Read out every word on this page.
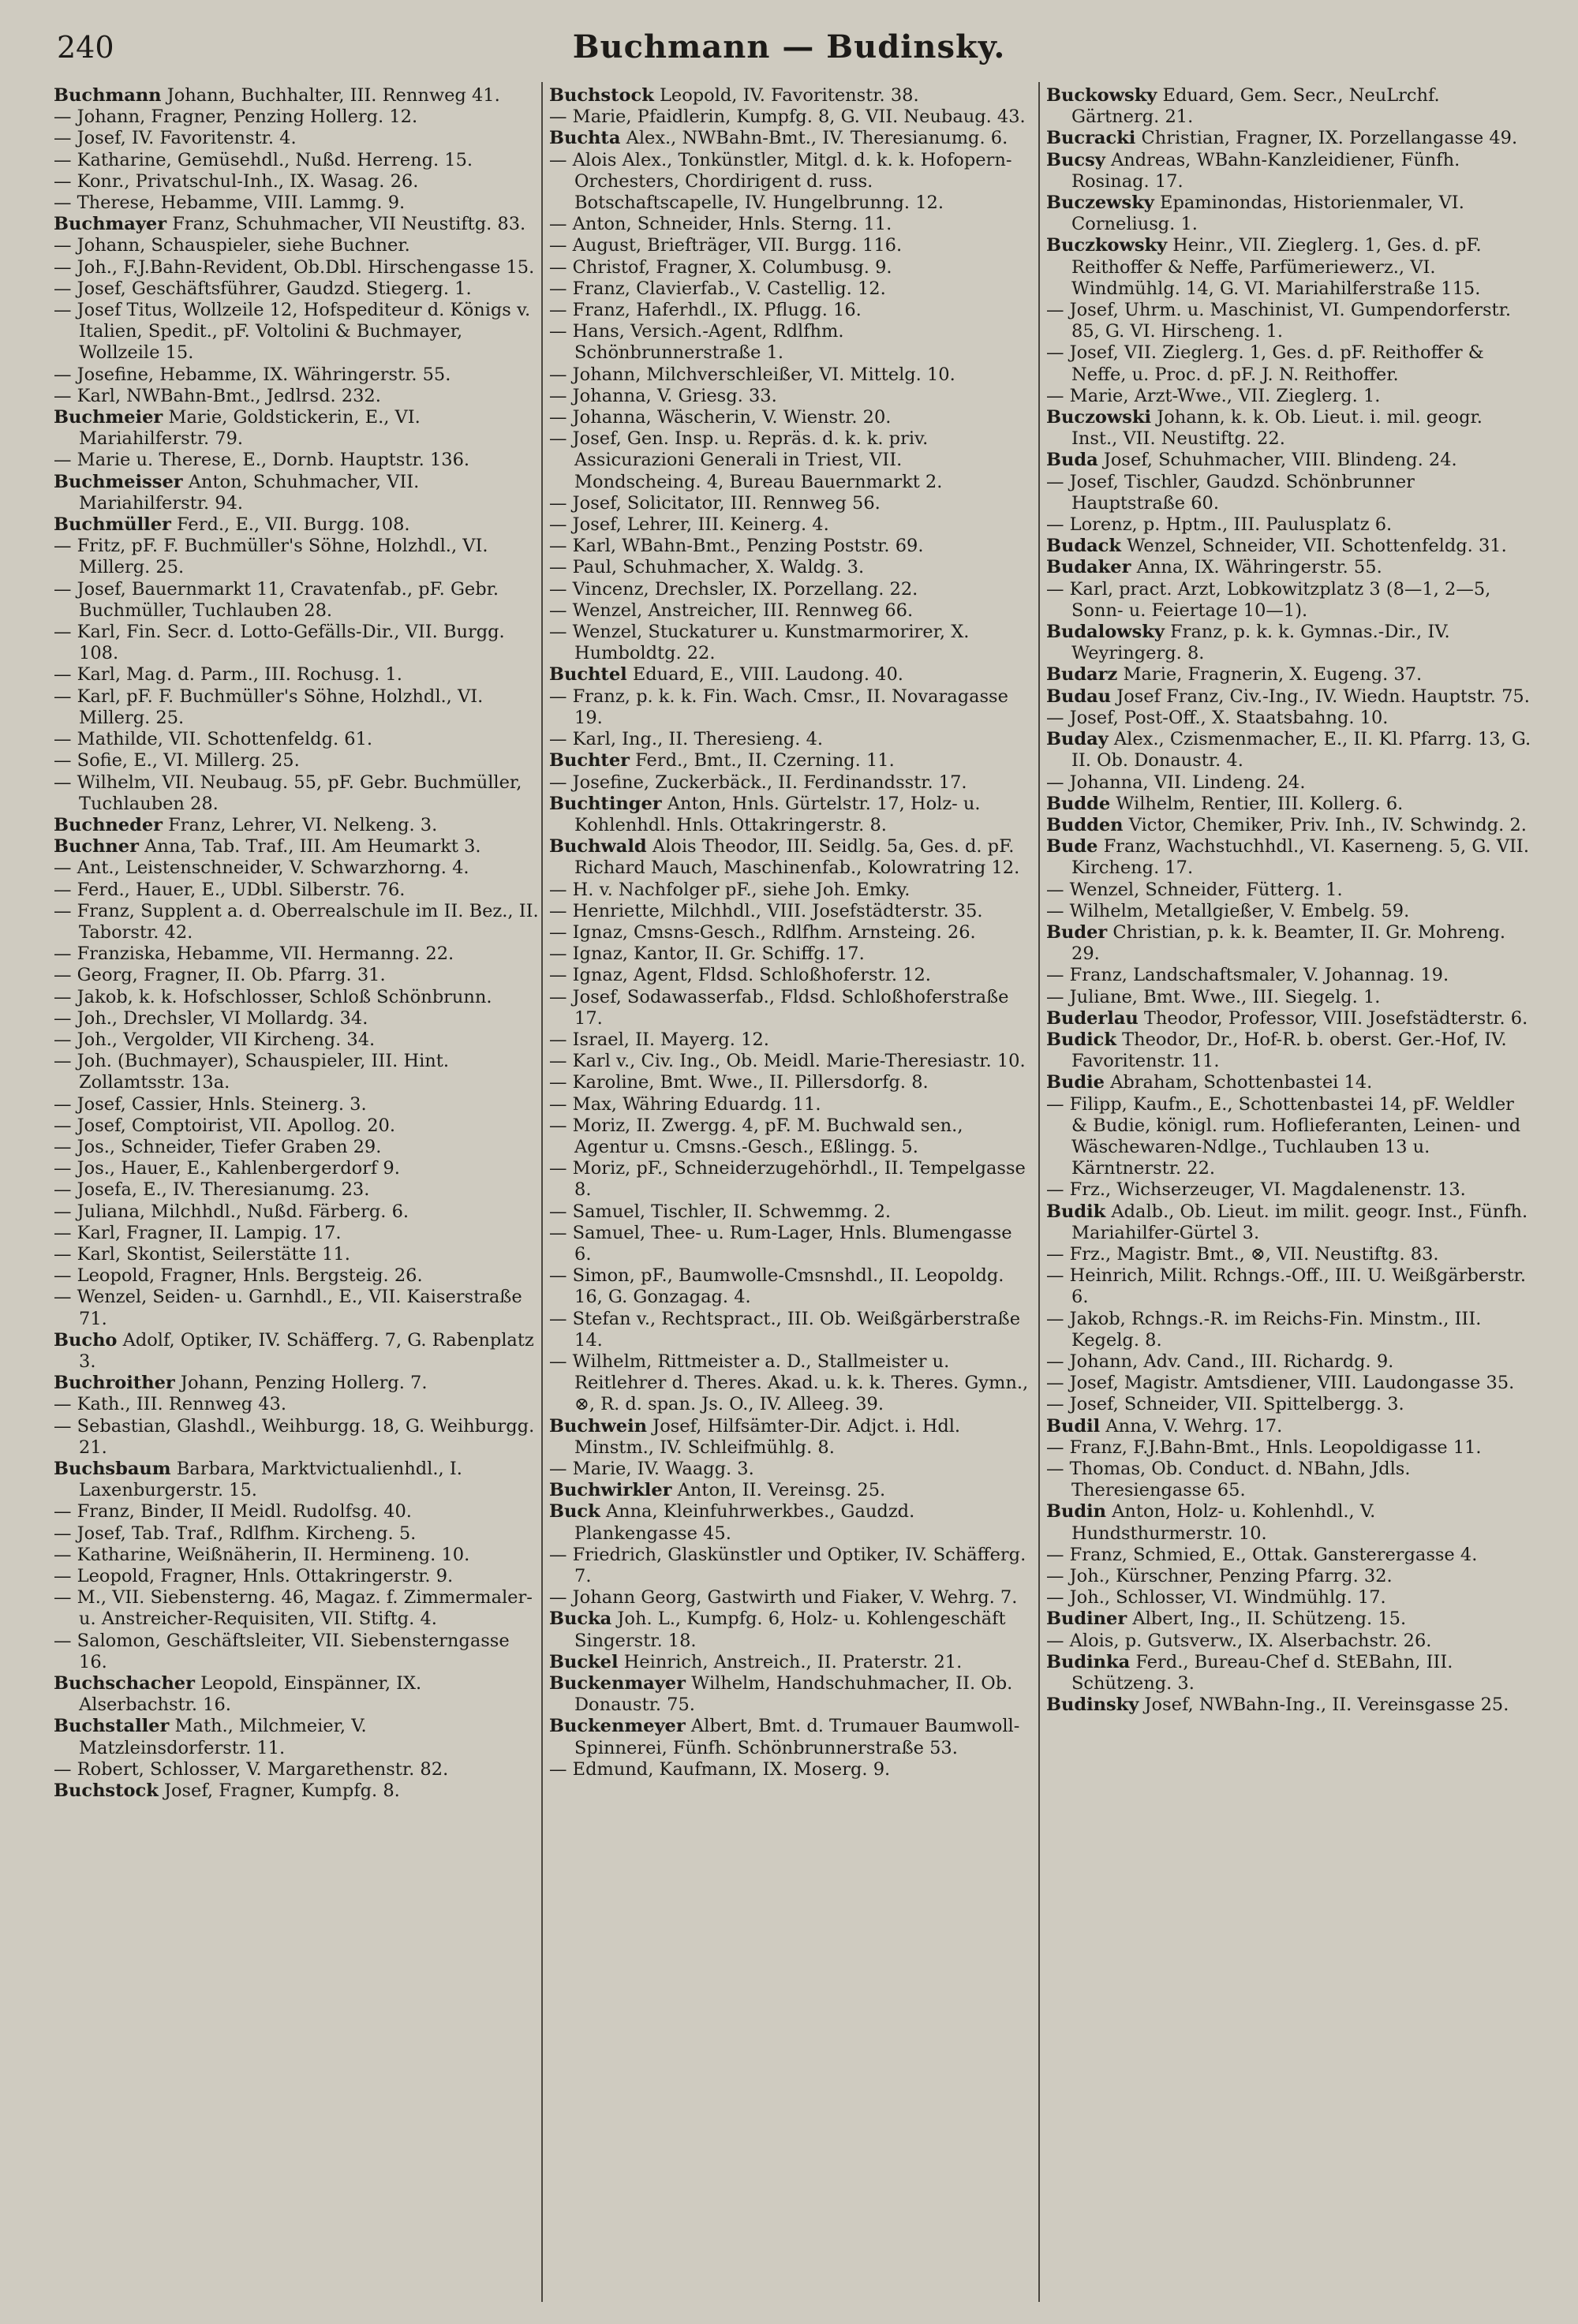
240	Buchmann — Budinsky.
Buchmann Johann, Buchhalter, III. Rennweg 41.
— Johann, Fragner, Penzing Hollerg. 12.
— Josef, IV. Favoritenstr. 4.
— Katharine, Gemüsehdl., Nußd. Herreng. 15.
— Konr., Privatschul-Inh., IX. Wasag. 26.
— Therese, Hebamme, VIII. Lammg. 9.
Buchmayer Franz, Schuhmacher, VII Neustiftg. 83.
— Johann, Schauspieler, siehe Buchner.
— Joh., F.J.Bahn-Revident, Ob.Dbl. Hirschengasse 15.
— Josef, Geschäftsführer, Gaudzd. Stiegerg. 1.
— Josef Titus, Wollzeile 12, Hofspediteur d. Königs v. Italien, Spedit., pF. Voltolini & Buchmayer, Wollzeile 15.
— Josefine, Hebamme, IX. Währingerstr. 55.
— Karl, NWBahn-Bmt., Jedlrsd. 232.
Buchmeier Marie, Goldstickerin, E., VI. Mariahilferstr. 79.
— Marie u. Therese, E., Dornb. Hauptstr. 136.
Buchmeisser Anton, Schuhmacher, VII. Mariahilferstr. 94.
Buchmüller Ferd., E., VII. Burgg. 108.
— Fritz, pF. F. Buchmüller's Söhne, Holzhdl., VI. Millerg. 25.
— Josef, Bauernmarkt 11, Cravatenfab., pF. Gebr. Buchmüller, Tuchlauben 28.
— Karl, Fin. Secr. d. Lotto-Gefälls-Dir., VII. Burgg. 108.
— Karl, Mag. d. Parm., III. Rochusg. 1.
— Karl, pF. F. Buchmüller's Söhne, Holzhdl., VI. Millerg. 25.
— Mathilde, VII. Schottenfeldg. 61.
— Sofie, E., VI. Millerg. 25.
— Wilhelm, VII. Neubaug. 55, pF. Gebr. Buchmüller, Tuchlauben 28.
Buchneder Franz, Lehrer, VI. Nelkeng. 3.
Buchner Anna, Tab. Traf., III. Am Heumarkt 3.
— Ant., Leistenschneider, V. Schwarzhorng. 4.
— Ferd., Hauer, E., UDbl. Silberstr. 76.
— Franz, Supplent a. d. Oberrealschule im II. Bez., II. Taborstr. 42.
— Franziska, Hebamme, VII. Hermanng. 22.
— Georg, Fragner, II. Ob. Pfarrg. 31.
— Jakob, k. k. Hofschlosser, Schloß Schönbrunn.
— Joh., Drechsler, VI Mollardg. 34.
— Joh., Vergolder, VII Kircheng. 34.
— Joh. (Buchmayer), Schauspieler, III. Hint. Zollamtsstr. 13a.
— Josef, Cassier, Hnls. Steinerg. 3.
— Josef, Comptoirist, VII. Apollog. 20.
— Jos., Schneider, Tiefer Graben 29.
— Jos., Hauer, E., Kahlenbergerdorf 9.
— Josefa, E., IV. Theresianumg. 23.
— Juliana, Milchhdl., Nußd. Färberg. 6.
— Karl, Fragner, II. Lampig. 17.
— Karl, Skontist, Seilerstätte 11.
— Leopold, Fragner, Hnls. Bergsteig. 26.
— Wenzel, Seiden- u. Garnhdl., E., VII. Kaiserstraße 71.
Bucho Adolf, Optiker, IV. Schäfferg. 7, G. Rabenplatz 3.
Buchroither Johann, Penzing Hollerg. 7.
— Kath., III. Rennweg 43.
— Sebastian, Glashdl., Weihburgg. 18, G. Weihburgg. 21.
Buchsbaum Barbara, Marktvictualienhdl., I. Laxenburgerstr. 15.
— Franz, Binder, II Meidl. Rudolfsg. 40.
— Josef, Tab. Traf., Rdlfhm. Kircheng. 5.
— Katharine, Weißnäherin, II. Hermineng. 10.
— Leopold, Fragner, Hnls. Ottakringerstr. 9.
— M., VII. Siebensterng. 46, Magaz. f. Zimmermaler- u. Anstreicher-Requisiten, VII. Stiftg. 4.
— Salomon, Geschäftsleiter, VII. Siebensterngasse 16.
Buchschacher Leopold, Einspänner, IX. Alserbachstr. 16.
Buchstaller Math., Milchmeier, V. Matzleinsdorferstr. 11.
— Robert, Schlosser, V. Margarethenstr. 82.
Buchstock Josef, Fragner, Kumpfg. 8.
Buchstock Leopold, IV. Favoritenstr. 38.
— Marie, Pfaidlerin, Kumpfg. 8, G. VII. Neubaug. 43.
Buchta Alex., NWBahn-Bmt., IV. Theresianumg. 6.
— Alois Alex., Tonkünstler, Mitgl. d. k. k. Hofopern-Orchesters, Chordirigent d. russ. Botschaftscapelle, IV. Hungelbrunng. 12.
— Anton, Schneider, Hnls. Sterng. 11.
— August, Briefträger, VII. Burgg. 116.
— Christof, Fragner, X. Columbusg. 9.
— Franz, Clavierfab., V. Castellig. 12.
— Franz, Haferhdl., IX. Pflugg. 16.
— Hans, Versich.-Agent, Rdlfhm. Schönbrunnerstraße 1.
— Johann, Milchverschleißer, VI. Mittelg. 10.
— Johanna, V. Griesg. 33.
— Johanna, Wäscherin, V. Wienstr. 20.
— Josef, Gen. Insp. u. Repräs. d. k. k. priv. Assicurazioni Generali in Triest, VII. Mondscheing. 4, Bureau Bauernmarkt 2.
— Josef, Solicitator, III. Rennweg 56.
— Josef, Lehrer, III. Keinerg. 4.
— Karl, WBahn-Bmt., Penzing Poststr. 69.
— Paul, Schuhmacher, X. Waldg. 3.
— Vincenz, Drechsler, IX. Porzellang. 22.
— Wenzel, Anstreicher, III. Rennweg 66.
— Wenzel, Stuckaturer u. Kunstmarmorirer, X. Humboldtg. 22.
Buchtel Eduard, E., VIII. Laudong. 40.
— Franz, p. k. k. Fin. Wach. Cmsr., II. Novaragasse 19.
— Karl, Ing., II. Theresieng. 4.
Buchter Ferd., Bmt., II. Czerning. 11.
— Josefine, Zuckerbäck., II. Ferdinandsstr. 17.
Buchtinger Anton, Hnls. Gürtelstr. 17, Holz- u. Kohlenhdl. Hnls. Ottakringerstr. 8.
Buchwald Alois Theodor, III. Seidlg. 5a, Ges. d. pF. Richard Mauch, Maschinenfab., Kolowratring 12.
— H. v. Nachfolger pF., siehe Joh. Emky.
— Henriette, Milchhdl., VIII. Josefstädterstr. 35.
— Ignaz, Cmsns-Gesch., Rdlfhm. Arnsteing. 26.
— Ignaz, Kantor, II. Gr. Schiffg. 17.
— Ignaz, Agent, Fldsd. Schloßhoferstr. 12.
— Josef, Sodawasserfab., Fldsd. Schloßhoferstraße 17.
— Israel, II. Mayerg. 12.
— Karl v., Civ. Ing., Ob. Meidl. Marie-Theresiastr. 10.
— Karoline, Bmt. Wwe., II. Pillersdorfg. 8.
— Max, Währing Eduardg. 11.
— Moriz, II. Zwergg. 4, pF. M. Buchwald sen., Agentur u. Cmsns.-Gesch., Eßlingg. 5.
— Moriz, pF., Schneiderzugehörhdl., II. Tempelgasse 8.
— Samuel, Tischler, II. Schwemmg. 2.
— Samuel, Thee- u. Rum-Lager, Hnls. Blumengasse 6.
— Simon, pF., Baumwolle-Cmsnshdl., II. Leopoldg. 16, G. Gonzagag. 4.
— Stefan v., Rechtspract., III. Ob. Weißgärberstraße 14.
— Wilhelm, Rittmeister a. D., Stallmeister u. Reitlehrer d. Theres. Akad. u. k. k. Theres. Gymn., ⊗, R. d. span. Js. O., IV. Alleeg. 39.
Buchwein Josef, Hilfsämter-Dir. Adjct. i. Hdl. Minstm., IV. Schleifmühlg. 8.
— Marie, IV. Waagg. 3.
Buchwirkler Anton, II. Vereinsg. 25.
Buck Anna, Kleinfuhrwerkbes., Gaudzd. Plankengasse 45.
— Friedrich, Glaskünstler und Optiker, IV. Schäfferg. 7.
— Johann Georg, Gastwirth und Fiaker, V. Wehrg. 7.
Bucka Joh. L., Kumpfg. 6, Holz- u. Kohlengeschäft Singerstr. 18.
Buckel Heinrich, Anstreich., II. Praterstr. 21.
Buckenmayer Wilhelm, Handschuhmacher, II. Ob. Donaustr. 75.
Buckenmeyer Albert, Bmt. d. Trumauer Baumwoll-Spinnerei, Fünfh. Schönbrunnerstraße 53.
— Edmund, Kaufmann, IX. Moserg. 9.
Buckowsky Eduard, Gem. Secr., NeuLrchf. Gärtnerg. 21.
Bucracki Christian, Fragner, IX. Porzellangasse 49.
Bucsy Andreas, WBahn-Kanzleidiener, Fünfh. Rosinag. 17.
Buczewsky Epaminondas, Historienmaler, VI. Corneliusg. 1.
Buczkowsky Heinr., VII. Zieglerg. 1, Ges. d. pF. Reithoffer & Neffe, Parfümeriewerz., VI. Windmühlg. 14, G. VI. Mariahilferstraße 115.
— Josef, Uhrm. u. Maschinist, VI. Gumpendorferstr. 85, G. VI. Hirscheng. 1.
— Josef, VII. Zieglerg. 1, Ges. d. pF. Reithoffer & Neffe, u. Proc. d. pF. J. N. Reithoffer.
— Marie, Arzt-Wwe., VII. Zieglerg. 1.
Buczowski Johann, k. k. Ob. Lieut. i. mil. geogr. Inst., VII. Neustiftg. 22.
Buda Josef, Schuhmacher, VIII. Blindeng. 24.
— Josef, Tischler, Gaudzd. Schönbrunner Hauptstraße 60.
— Lorenz, p. Hptm., III. Paulusplatz 6.
Budack Wenzel, Schneider, VII. Schottenfeldg. 31.
Budaker Anna, IX. Währingerstr. 55.
— Karl, pract. Arzt, Lobkowitzplatz 3 (8—1, 2—5, Sonn- u. Feiertage 10—1).
Budalowsky Franz, p. k. k. Gymnas.-Dir., IV. Weyringerg. 8.
Budarz Marie, Fragnerin, X. Eugeng. 37.
Budau Josef Franz, Civ.-Ing., IV. Wiedn. Hauptstr. 75.
— Josef, Post-Off., X. Staatsbahng. 10.
Buday Alex., Czismenmacher, E., II. Kl. Pfarrg. 13, G. II. Ob. Donaustr. 4.
— Johanna, VII. Lindeng. 24.
Budde Wilhelm, Rentier, III. Kollerg. 6.
Budden Victor, Chemiker, Priv. Inh., IV. Schwindg. 2.
Bude Franz, Wachstuchhdl., VI. Kaserneng. 5, G. VII. Kircheng. 17.
— Wenzel, Schneider, Fütterg. 1.
— Wilhelm, Metallgießer, V. Embelg. 59.
Buder Christian, p. k. k. Beamter, II. Gr. Mohreng. 29.
— Franz, Landschaftsmaler, V. Johannag. 19.
— Juliane, Bmt. Wwe., III. Siegelg. 1.
Buderlau Theodor, Professor, VIII. Josefstädterstr. 6.
Budick Theodor, Dr., Hof-R. b. oberst. Ger.-Hof, IV. Favoritenstr. 11.
Budie Abraham, Schottenbastei 14.
— Filipp, Kaufm., E., Schottenbastei 14, pF. Weldler & Budie, königl. rum. Hoflieferanten, Leinen- und Wäschewaren-Ndlge., Tuchlauben 13 u. Kärntnerstr. 22.
— Frz., Wichserzeuger, VI. Magdalenenstr. 13.
Budik Adalb., Ob. Lieut. im milit. geogr. Inst., Fünfh. Mariahilfer-Gürtel 3.
— Frz., Magistr. Bmt., ⊗, VII. Neustiftg. 83.
— Heinrich, Milit. Rchngs.-Off., III. U. Weißgärberstr. 6.
— Jakob, Rchngs.-R. im Reichs-Fin. Minstm., III. Kegelg. 8.
— Johann, Adv. Cand., III. Richardg. 9.
— Josef, Magistr. Amtsdiener, VIII. Laudongasse 35.
— Josef, Schneider, VII. Spittelbergg. 3.
Budil Anna, V. Wehrg. 17.
— Franz, F.J.Bahn-Bmt., Hnls. Leopoldigasse 11.
— Thomas, Ob. Conduct. d. NBahn, Jdls. Theresiengasse 65.
Budin Anton, Holz- u. Kohlenhdl., V. Hundsthurmerstr. 10.
— Franz, Schmied, E., Ottak. Gansterergasse 4.
— Joh., Kürschner, Penzing Pfarrg. 32.
— Joh., Schlosser, VI. Windmühlg. 17.
Budiner Albert, Ing., II. Schützeng. 15.
— Alois, p. Gutsverw., IX. Alserbachstr. 26.
Budinka Ferd., Bureau-Chef d. StEBahn, III. Schützeng. 3.
Budinsky Josef, NWBahn-Ing., II. Vereinsgasse 25.
